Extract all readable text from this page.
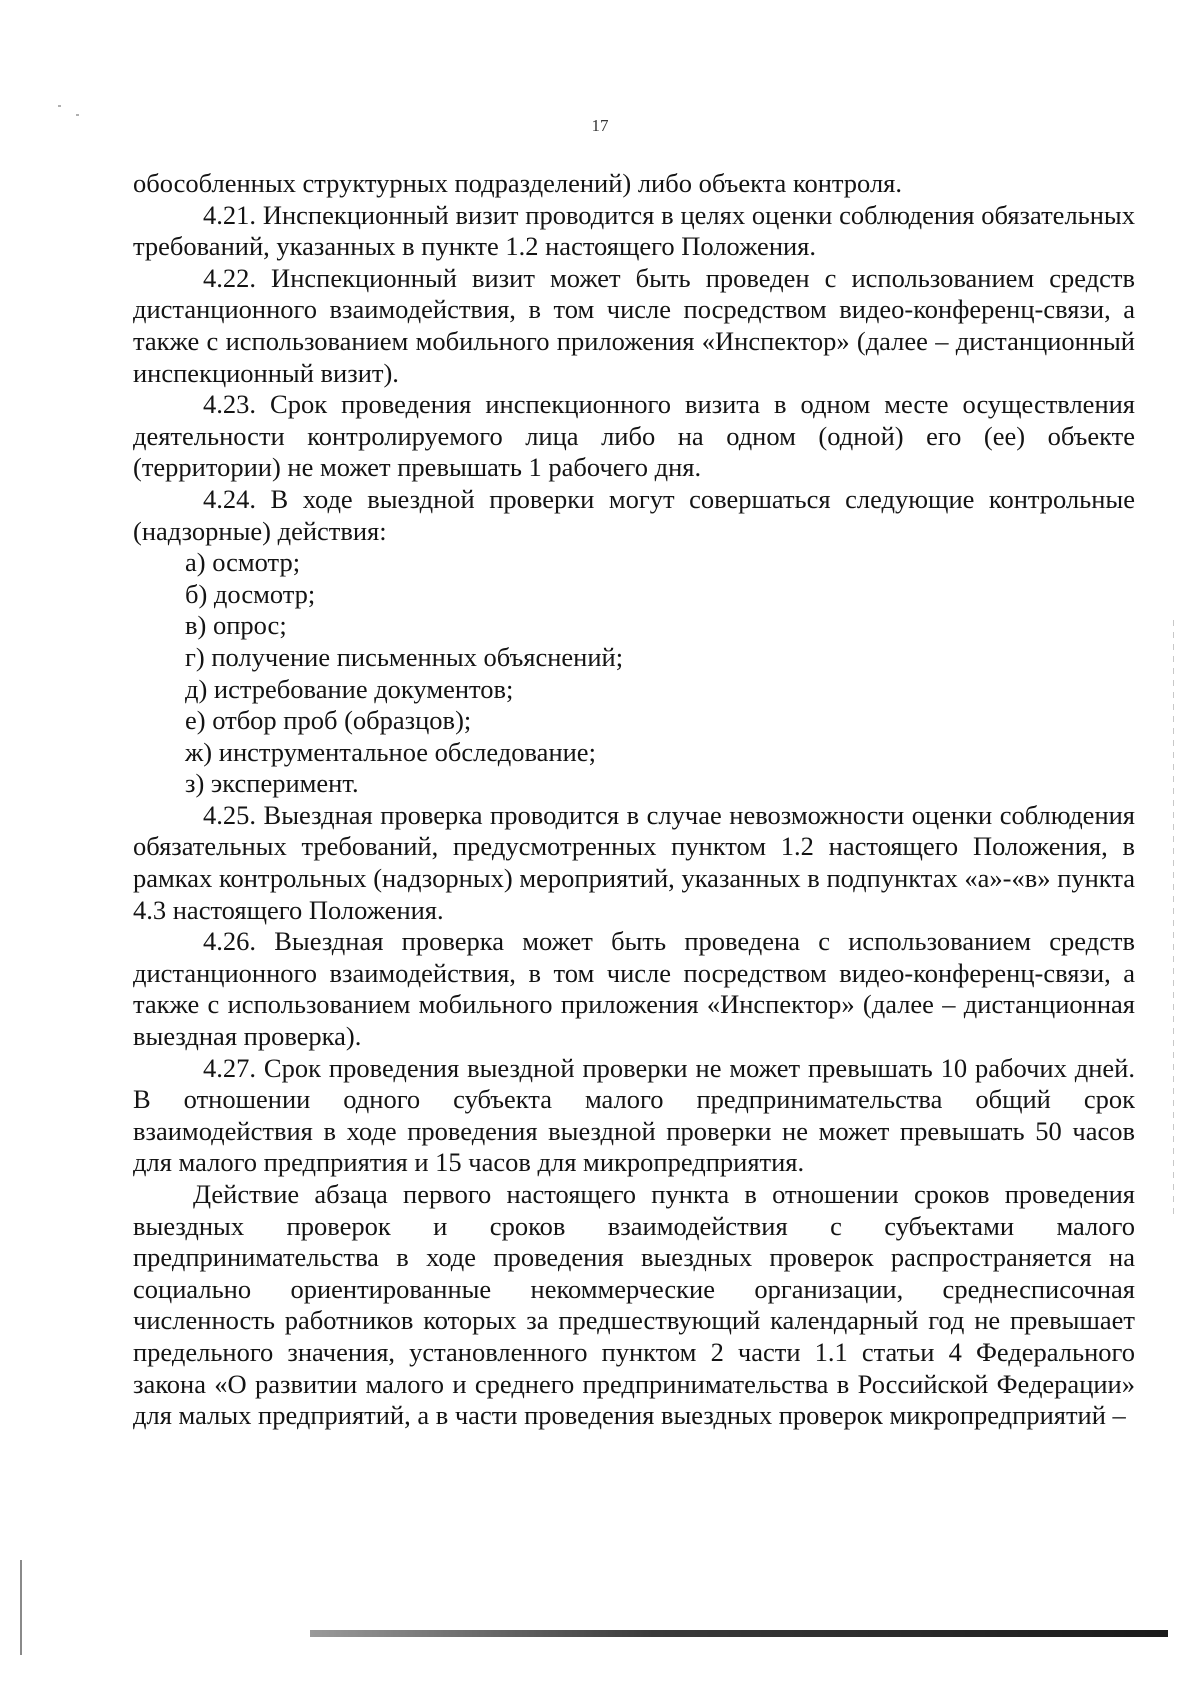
17

обособленных структурных подразделений) либо объекта контроля.

4.21. Инспекционный визит проводится в целях оценки соблюдения обязательных требований, указанных в пункте 1.2 настоящего Положения.

4.22. Инспекционный визит может быть проведен с использованием средств дистанционного взаимодействия, в том числе посредством видео-конференц-связи, а также с использованием мобильного приложения «Инспектор» (далее – дистанционный инспекционный визит).

4.23. Срок проведения инспекционного визита в одном месте осуществления деятельности контролируемого лица либо на одном (одной) его (ее) объекте (территории) не может превышать 1 рабочего дня.

4.24. В ходе выездной проверки могут совершаться следующие контрольные (надзорные) действия:

а) осмотр;

б) досмотр;

в) опрос;

г) получение письменных объяснений;

д) истребование документов;

е) отбор проб (образцов);

ж) инструментальное обследование;

з) эксперимент.

4.25. Выездная проверка проводится в случае невозможности оценки соблюдения обязательных требований, предусмотренных пунктом 1.2 настоящего Положения, в рамках контрольных (надзорных) мероприятий, указанных в подпунктах «а»-«в» пункта 4.3 настоящего Положения.

4.26. Выездная проверка может быть проведена с использованием средств дистанционного взаимодействия, в том числе посредством видео-конференц-связи, а также с использованием мобильного приложения «Инспектор» (далее – дистанционная выездная проверка).

4.27. Срок проведения выездной проверки не может превышать 10 рабочих дней. В отношении одного субъекта малого предпринимательства общий срок взаимодействия в ходе проведения выездной проверки не может превышать 50 часов для малого предприятия и 15 часов для микропредприятия.

Действие абзаца первого настоящего пункта в отношении сроков проведения выездных проверок и сроков взаимодействия с субъектами малого предпринимательства в ходе проведения выездных проверок распространяется на социально ориентированные некоммерческие организации, среднесписочная численность работников которых за предшествующий календарный год не превышает предельного значения, установленного пунктом 2 части 1.1 статьи 4 Федерального закона «О развитии малого и среднего предпринимательства в Российской Федерации» для малых предприятий, а в части проведения выездных проверок микропредприятий –
